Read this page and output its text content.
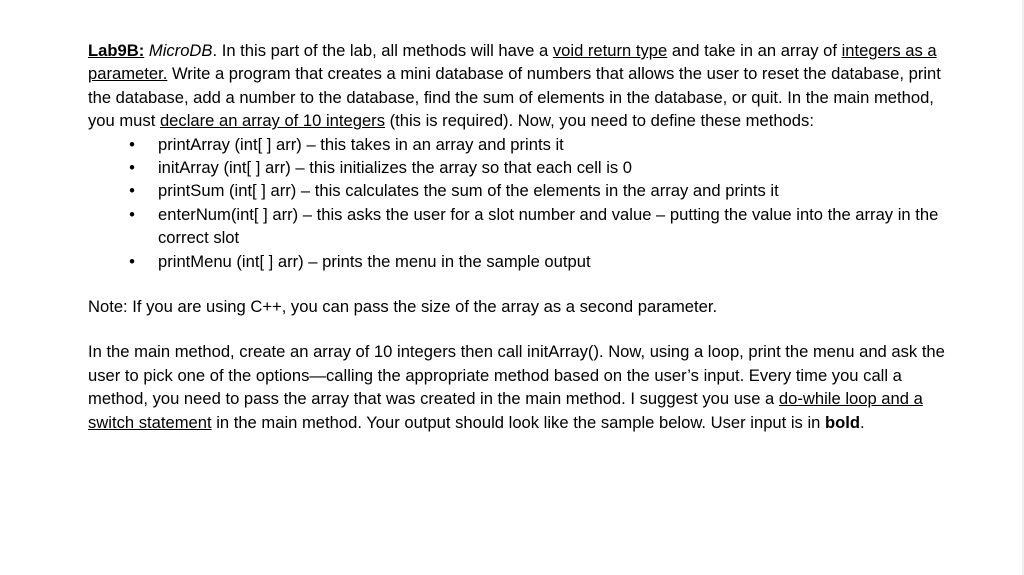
Lab9B: MicroDB. In this part of the lab, all methods will have a void return type and take in an array of integers as a parameter. Write a program that creates a mini database of numbers that allows the user to reset the database, print the database, add a number to the database, find the sum of elements in the database, or quit. In the main method, you must declare an array of 10 integers (this is required). Now, you need to define these methods:

• printArray (int[ ] arr) – this takes in an array and prints it
• initArray (int[ ] arr) – this initializes the array so that each cell is 0
• printSum (int[ ] arr) – this calculates the sum of the elements in the array and prints it
• enterNum(int[ ] arr) – this asks the user for a slot number and value – putting the value into the array in the correct slot
• printMenu (int[ ] arr) – prints the menu in the sample output

Note: If you are using C++, you can pass the size of the array as a second parameter.

In the main method, create an array of 10 integers then call initArray(). Now, using a loop, print the menu and ask the user to pick one of the options—calling the appropriate method based on the user’s input. Every time you call a method, you need to pass the array that was created in the main method. I suggest you use a do-while loop and a switch statement in the main method. Your output should look like the sample below. User input is in bold.
